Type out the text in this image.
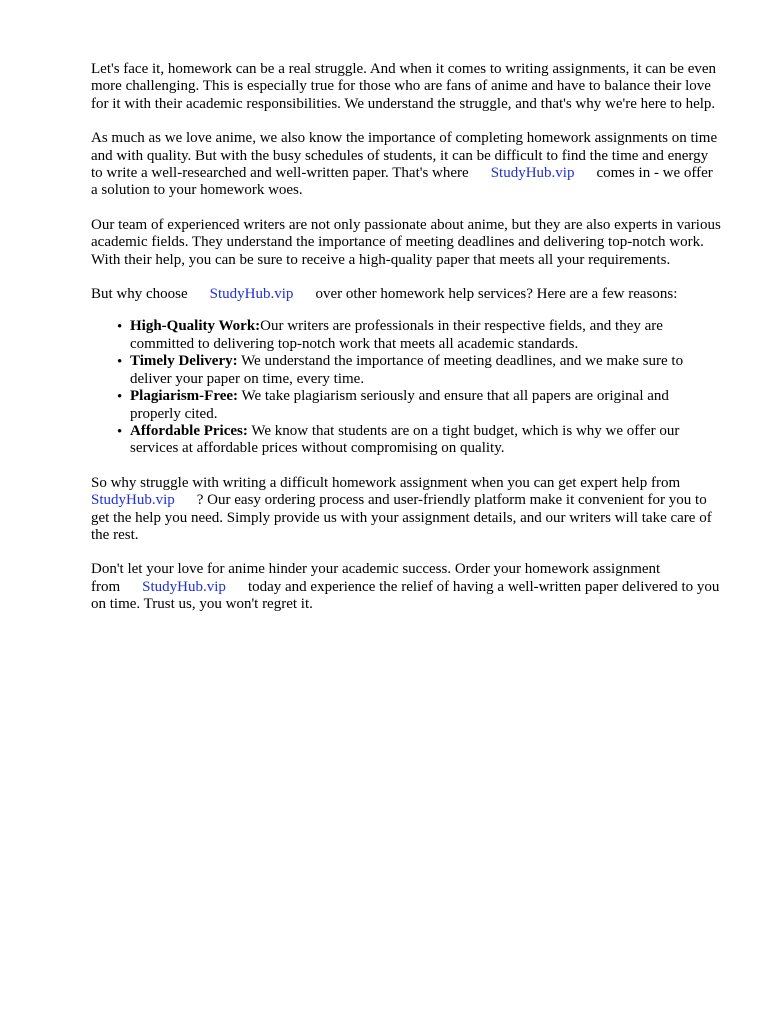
Let's face it, homework can be a real struggle. And when it comes to writing assignments, it can be even more challenging. This is especially true for those who are fans of anime and have to balance their love for it with their academic responsibilities. We understand the struggle, and that's why we're here to help.

As much as we love anime, we also know the importance of completing homework assignments on time and with quality. But with the busy schedules of students, it can be difficult to find the time and energy to write a well-researched and well-written paper. That's where StudyHub.vip comes in - we offer a solution to your homework woes.

Our team of experienced writers are not only passionate about anime, but they are also experts in various academic fields. They understand the importance of meeting deadlines and delivering top-notch work. With their help, you can be sure to receive a high-quality paper that meets all your requirements.

But why choose StudyHub.vip over other homework help services? Here are a few reasons:

• High-Quality Work:Our writers are professionals in their respective fields, and they are committed to delivering top-notch work that meets all academic standards.
• Timely Delivery: We understand the importance of meeting deadlines, and we make sure to deliver your paper on time, every time.
• Plagiarism-Free: We take plagiarism seriously and ensure that all papers are original and properly cited.
• Affordable Prices: We know that students are on a tight budget, which is why we offer our services at affordable prices without compromising on quality.

So why struggle with writing a difficult homework assignment when you can get expert help from StudyHub.vip ? Our easy ordering process and user-friendly platform make it convenient for you to get the help you need. Simply provide us with your assignment details, and our writers will take care of the rest.

Don't let your love for anime hinder your academic success. Order your homework assignment from StudyHub.vip today and experience the relief of having a well-written paper delivered to you on time. Trust us, you won't regret it.
